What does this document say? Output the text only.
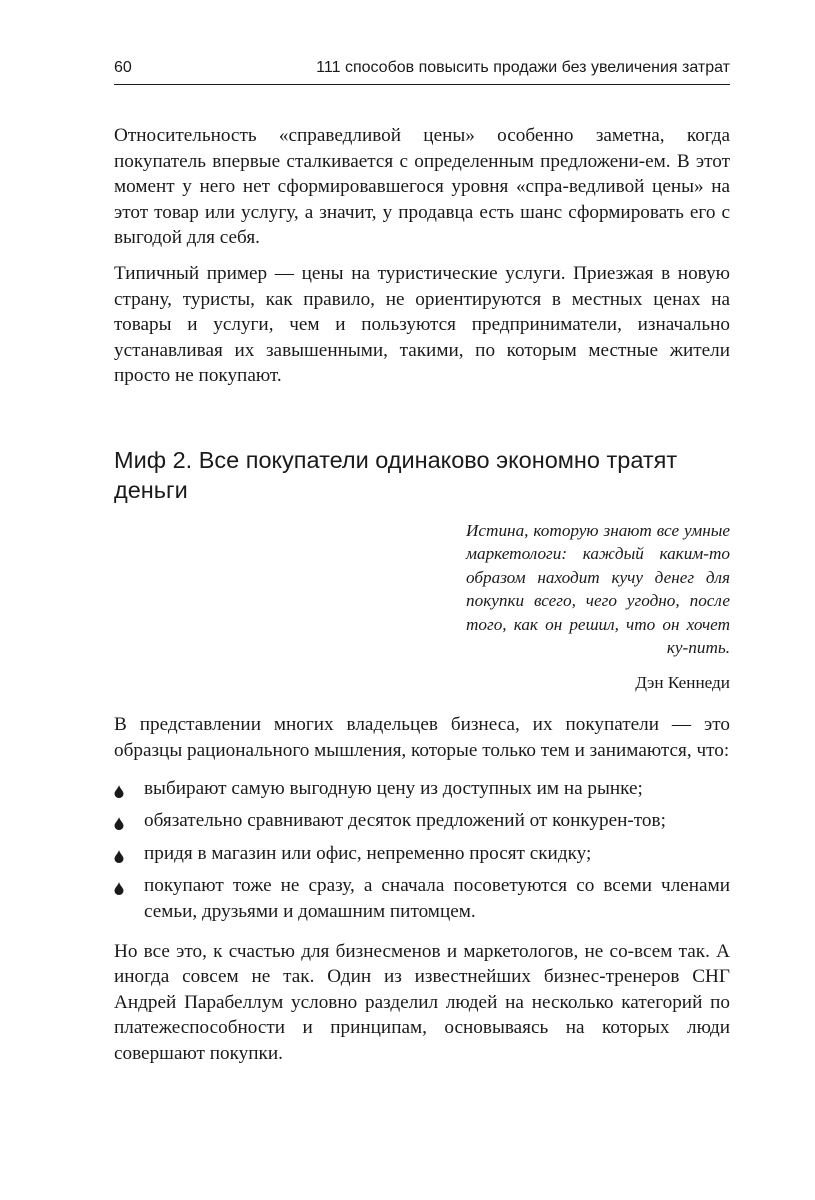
60	111 способов повысить продажи без увеличения затрат

Относительность «справедливой цены» особенно заметна, когда покупатель впервые сталкивается с определенным предложени-​ем. В этот момент у него нет сформировавшегося уровня «спра-​ведливой цены» на этот товар или услугу, а значит, у продавца есть шанс сформировать его с выгодой для себя.

Типичный пример — цены на туристические услуги. Приезжая в новую страну, туристы, как правило, не ориентируются в местных ценах на товары и услуги, чем и пользуются предприниматели, изначально устанавливая их завышенными, такими, по которым местные жители просто не покупают.

Миф 2. Все покупатели одинаково экономно тратят деньги

Истина, которую знают все умные маркетологи: каждый каким-то образом находит кучу денег для покупки всего, чего угодно, после того, как он решил, что он хочет ку-​пить.

Дэн Кеннеди

В представлении многих владельцев бизнеса, их покупатели — это образцы рационального мышления, которые только тем и занимаются, что:

выбирают самую выгодную цену из доступных им на рынке;
обязательно сравнивают десяток предложений от конкурен-​тов;
придя в магазин или офис, непременно просят скидку;
покупают тоже не сразу, а сначала посоветуются со всеми членами семьи, друзьями и домашним питомцем.

Но все это, к счастью для бизнесменов и маркетологов, не со-​всем так. А иногда совсем не так. Один из известнейших бизнес-​тренеров СНГ Андрей Парабеллум условно разделил людей на несколько категорий по платежеспособности и принципам, основываясь на которых люди совершают покупки.
